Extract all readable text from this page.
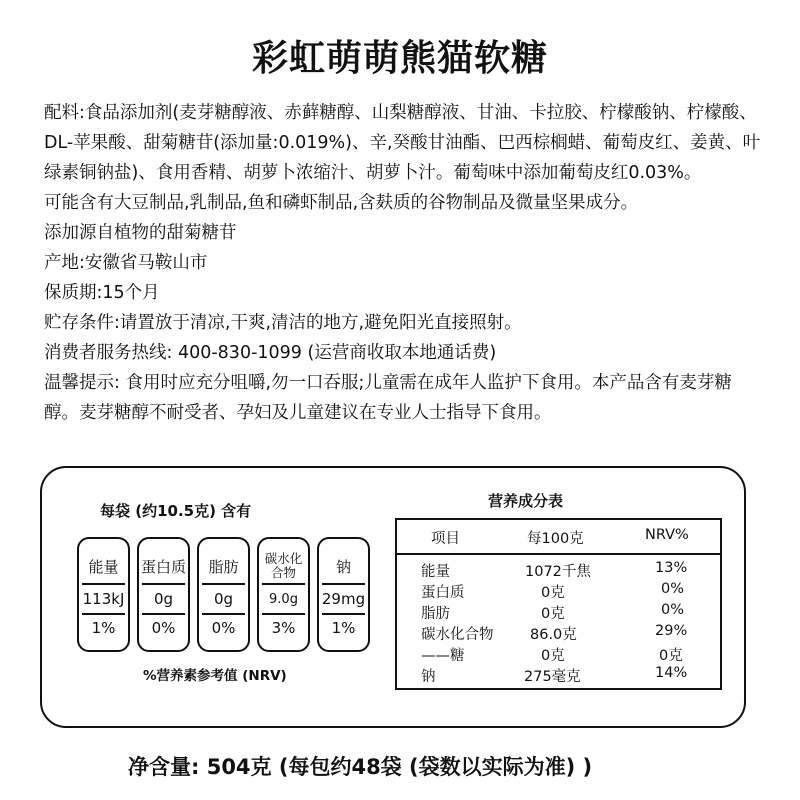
彩虹萌萌熊猫软糖

配料:食品添加剂(麦芽糖醇液、赤藓糖醇、山梨糖醇液、甘油、卡拉胶、柠檬酸钠、柠檬酸、DL-苹果酸、甜菊糖苷(添加量:0.019%)、辛,癸酸甘油酯、巴西棕榈蜡、葡萄皮红、姜黄、叶绿素铜钠盐)、食用香精、胡萝卜浓缩汁、胡萝卜汁。葡萄味中添加葡萄皮红0.03%。

可能含有大豆制品,乳制品,鱼和磷虾制品,含麸质的谷物制品及微量坚果成分。

添加源自植物的甜菊糖苷

产地:安徽省马鞍山市

保质期:15个月

贮存条件:请置放于清凉,干爽,清洁的地方,避免阳光直接照射。

消费者服务热线: 400-830-1099 (运营商收取本地通话费)

温馨提示: 食用时应充分咀嚼,勿一口吞服;儿童需在成年人监护下食用。本产品含有麦芽糖醇。麦芽糖醇不耐受者、孕妇及儿童建议在专业人士指导下食用。

每袋 (约10.5克) 含有
能量
113kJ
1%
蛋白质
0g
0%
脂肪
0g
0%
碳水化合物
9.0g
3%
钠
29mg
1%
%营养素参考值 (NRV)
营养成分表
项目	每100克	NRV%
能量	1072千焦	13%
蛋白质	0克	0%
脂肪	0克	0%
碳水化合物	86.0克	29%
——糖	0克	0克
钠	275毫克	14%
净含量: 504克 (每包约48袋 (袋数以实际为准) )
